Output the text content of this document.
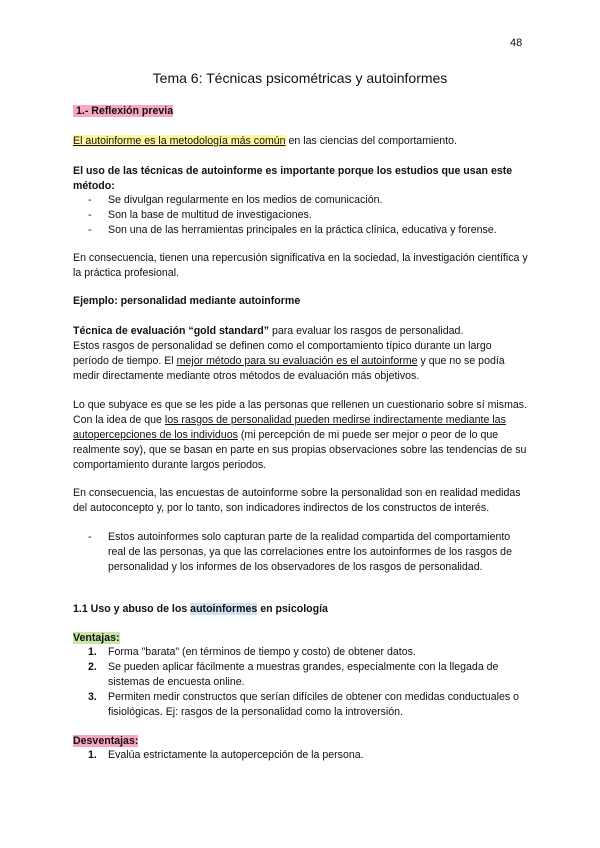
48
Tema 6: Técnicas psicométricas y autoinformes
1.- Reflexión previa
El autoinforme es la metodología más común en las ciencias del comportamiento.
El uso de las técnicas de autoinforme es importante porque los estudios que usan este método:
- Se divulgan regularmente en los medios de comunicación.
- Son la base de multitud de investigaciones.
- Son una de las herramientas principales en la práctica clínica, educativa y forense.
En consecuencia, tienen una repercusión significativa en la sociedad, la investigación científica y la práctica profesional.
Ejemplo: personalidad mediante autoinforme
Técnica de evaluación “gold standard” para evaluar los rasgos de personalidad.
Estos rasgos de personalidad se definen como el comportamiento típico durante un largo período de tiempo. El mejor método para su evaluación es el autoinforme y que no se podía medir directamente mediante otros métodos de evaluación más objetivos.
Lo que subyace es que se les pide a las personas que rellenen un cuestionario sobre sí mismas. Con la idea de que los rasgos de personalidad pueden medirse indirectamente mediante las autopercepciones de los individuos (mi percepción de mi puede ser mejor o peor de lo que realmente soy), que se basan en parte en sus propias observaciones sobre las tendencias de su comportamiento durante largos periodos.
En consecuencia, las encuestas de autoinforme sobre la personalidad son en realidad medidas del autoconcepto y, por lo tanto, son indicadores indirectos de los constructos de interés.
- Estos autoinformes solo capturan parte de la realidad compartida del comportamiento real de las personas, ya que las correlaciones entre los autoinformes de los rasgos de personalidad y los informes de los observadores de los rasgos de personalidad.
1.1 Uso y abuso de los autoinformes en psicología
Ventajas:
1. Forma "barata" (en términos de tiempo y costo) de obtener datos.
2. Se pueden aplicar fácilmente a muestras grandes, especialmente con la llegada de sistemas de encuesta online.
3. Permiten medir constructos que serían difíciles de obtener con medidas conductuales o fisiológicas. Ej: rasgos de la personalidad como la introversión.
Desventajas:
1. Evalúa estrictamente la autopercepción de la persona.
